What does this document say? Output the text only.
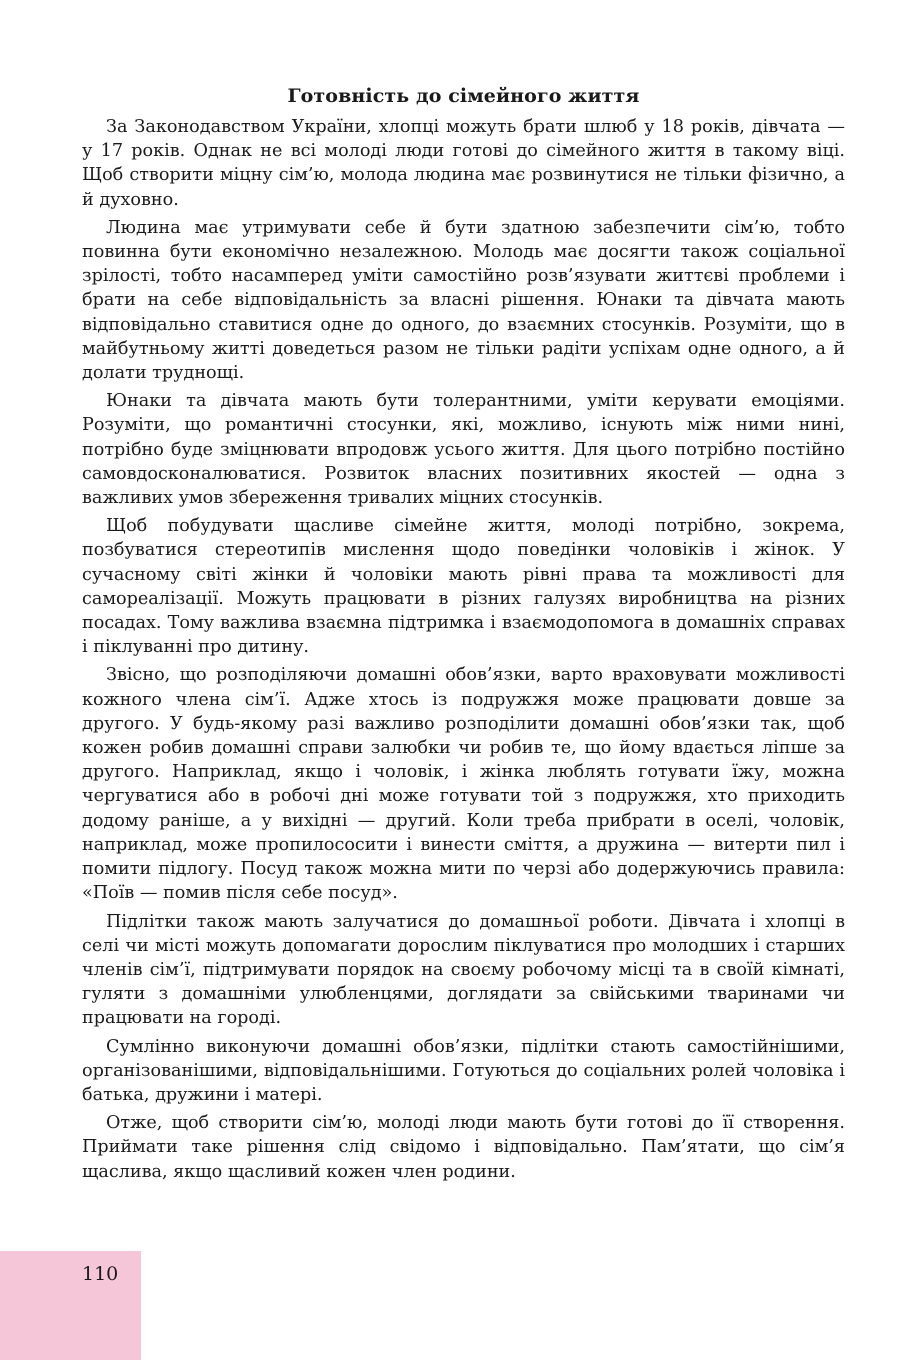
Готовність до сімейного життя

За Законодавством України, хлопці можуть брати шлюб у 18 років, дівчата — у 17 років. Однак не всі молоді люди готові до сімейного життя в такому віці. Щоб створити міцну сім’ю, молода людина має розвинутися не тільки фізично, а й духовно.

Людина має утримувати себе й бути здатною забезпечити сім’ю, тобто повинна бути економічно незалежною. Молодь має досягти також соціальної зрілості, тобто насамперед уміти самостійно розв’язувати життєві проблеми і брати на себе відповідальність за власні рішення. Юнаки та дівчата мають відповідально ставитися одне до одного, до взаємних стосунків. Розуміти, що в майбутньому житті доведеться разом не тільки радіти успіхам одне одного, а й долати труднощі.

Юнаки та дівчата мають бути толерантними, уміти керувати емоціями. Розуміти, що романтичні стосунки, які, можливо, існують між ними нині, потрібно буде зміцнювати впродовж усього життя. Для цього потрібно постійно самовдосконалюватися. Розвиток власних позитивних якостей — одна з важливих умов збереження тривалих міцних стосунків.

Щоб побудувати щасливе сімейне життя, молоді потрібно, зокрема, позбуватися стереотипів мислення щодо поведінки чоловіків і жінок. У сучасному світі жінки й чоловіки мають рівні права та можливості для самореалізації. Можуть працювати в різних галузях виробництва на різних посадах. Тому важлива взаємна підтримка і взаємодопомога в домашніх справах і піклуванні про дитину.

Звісно, що розподіляючи домашні обов’язки, варто враховувати можливості кожного члена сім’ї. Адже хтось із подружжя може працювати довше за другого. У будь-якому разі важливо розподілити домашні обов’язки так, щоб кожен робив домашні справи залюбки чи робив те, що йому вдається ліпше за другого. Наприклад, якщо і чоловік, і жінка люблять готувати їжу, можна чергуватися або в робочі дні може готувати той з подружжя, хто приходить додому раніше, а у вихідні — другий. Коли треба прибрати в оселі, чоловік, наприклад, може пропилососити і винести сміття, а дружина — витерти пил і помити підлогу. Посуд також можна мити по черзі або додержуючись правила: «Поїв — помив після себе посуд».

Підлітки також мають залучатися до домашньої роботи. Дівчата і хлопці в селі чи місті можуть допомагати дорослим піклуватися про молодших і старших членів сім’ї, підтримувати порядок на своєму робочому місці та в своїй кімнаті, гуляти з домашніми улюбленцями, доглядати за свійськими тваринами чи працювати на городі.

Сумлінно виконуючи домашні обов’язки, підлітки стають самостійнішими, організованішими, відповідальнішими. Готуються до соціальних ролей чоловіка і батька, дружини і матері.

Отже, щоб створити сім’ю, молоді люди мають бути готові до її створення. Приймати таке рішення слід свідомо і відповідально. Пам’ятати, що сім’я щаслива, якщо щасливий кожен член родини.

110
